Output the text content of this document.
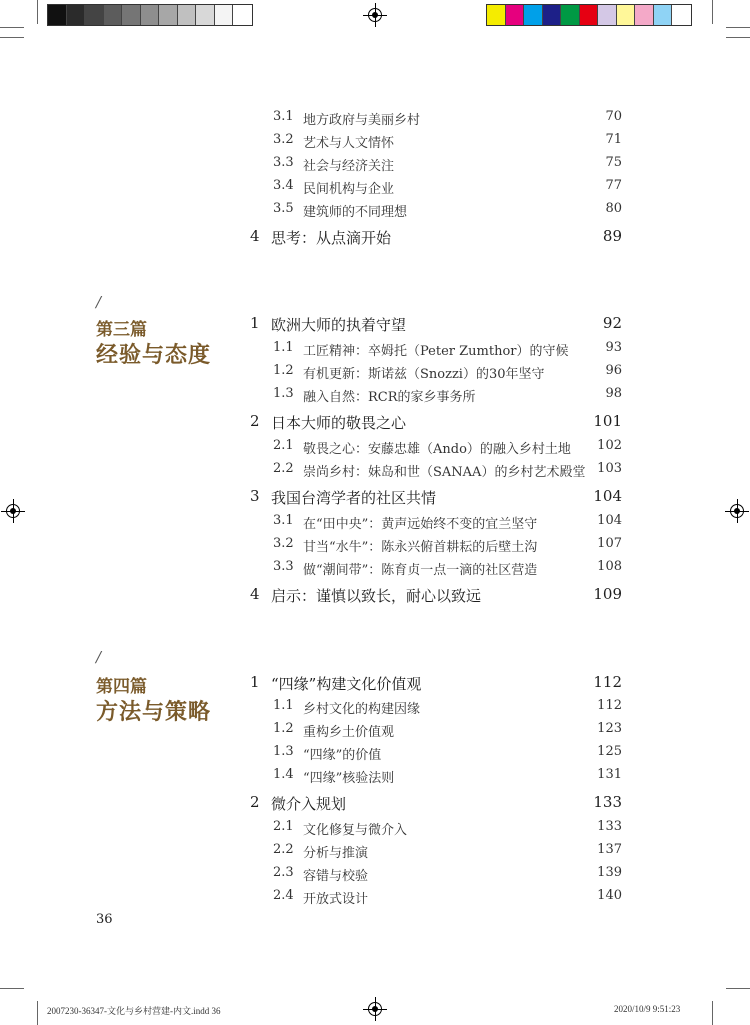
3.1 地方政府与美丽乡村	70
3.2 艺术与人文情怀	71
3.3 社会与经济关注	75
3.4 民间机构与企业	77
3.5 建筑师的不同理想	80
4 思考：从点滴开始	89
/
第三篇
经验与态度
1 欧洲大师的执着守望	92
1.1 工匠精神：卒姆托（Peter Zumthor）的守候	93
1.2 有机更新：斯诺兹（Snozzi）的30年坚守	96
1.3 融入自然：RCR的家乡事务所	98
2 日本大师的敬畏之心	101
2.1 敬畏之心：安藤忠雄（Ando）的融入乡村土地	102
2.2 崇尚乡村：妹岛和世（SANAA）的乡村艺术殿堂 103
3 我国台湾学者的社区共情	104
3.1 在“田中央”：黄声远始终不变的宜兰坚守	104
3.2 甘当“水牛”：陈永兴俯首耕耘的后壁土沟	107
3.3 做“潮间带”：陈育贞一点一滴的社区营造	108
4 启示：谨慎以致长，耐心以致远	109
/
第四篇
方法与策略
1 “四缘”构建文化价值观	112
1.1 乡村文化的构建因缘	112
1.2 重构乡土价值观	123
1.3 “四缘”的价值	125
1.4 “四缘”核验法则	131
2 微介入规划	133
2.1 文化修复与微介入	133
2.2 分析与推演	137
2.3 容错与校验	139
2.4 开放式设计	140
36
2007230-36347-文化与乡村营建-内文.indd 36	2020/10/9 9:51:23
